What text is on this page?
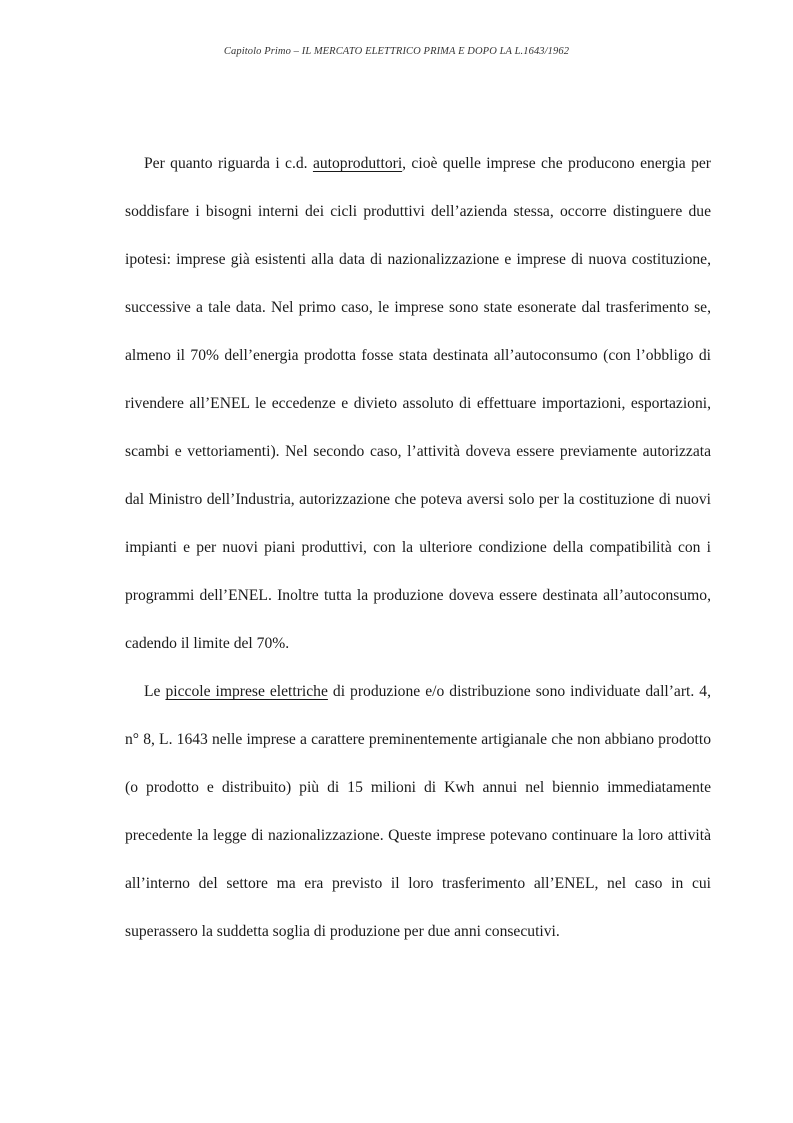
Capitolo Primo – IL MERCATO ELETTRICO PRIMA E DOPO LA L.1643/1962

Per quanto riguarda i c.d. autoproduttori, cioè quelle imprese che producono energia per soddisfare i bisogni interni dei cicli produttivi dell’azienda stessa, occorre distinguere due ipotesi: imprese già esistenti alla data di nazionalizzazione e imprese di nuova costituzione, successive a tale data. Nel primo caso, le imprese sono state esonerate dal trasferimento se, almeno il 70% dell’energia prodotta fosse stata destinata all’autoconsumo (con l’obbligo di rivendere all’ENEL le eccedenze e divieto assoluto di effettuare importazioni, esportazioni, scambi e vettoriamenti). Nel secondo caso, l’attività doveva essere previamente autorizzata dal Ministro dell’Industria, autorizzazione che poteva aversi solo per la costituzione di nuovi impianti e per nuovi piani produttivi, con la ulteriore condizione della compatibilità con i programmi dell’ENEL. Inoltre tutta la produzione doveva essere destinata all’autoconsumo, cadendo il limite del 70%.

Le piccole imprese elettriche di produzione e/o distribuzione sono individuate dall’art. 4, n° 8, L. 1643 nelle imprese a carattere preminentemente artigianale che non abbiano prodotto (o prodotto e distribuito) più di 15 milioni di Kwh annui nel biennio immediatamente precedente la legge di nazionalizzazione. Queste imprese potevano continuare la loro attività all’interno del settore ma era previsto il loro trasferimento all’ENEL, nel caso in cui superassero la suddetta soglia di produzione per due anni consecutivi.
